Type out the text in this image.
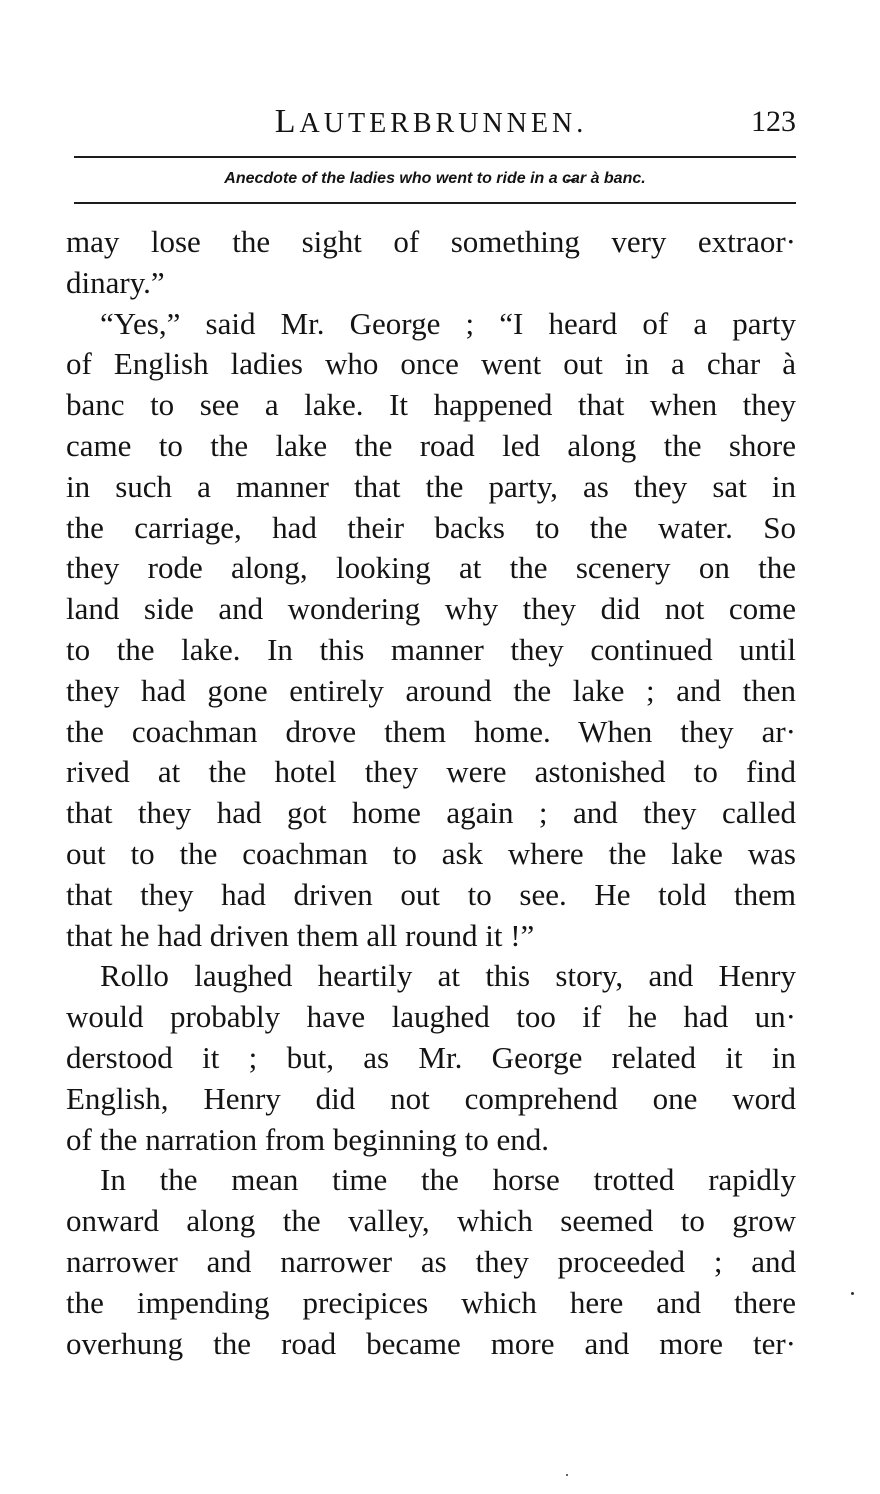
LAUTERBRUNNEN.	123
Anecdote of the ladies who went to ride in a c̶ar à banc.
may lose the sight of something very extraor·
dinary.”
“Yes,” said Mr. George ; “I heard of a party
of English ladies who once went out in a char à
banc to see a lake. It happened that when they
came to the lake the road led along the shore
in such a manner that the party, as they sat in
the carriage, had their backs to the water. So
they rode along, looking at the scenery on the
land side and wondering why they did not come
to the lake. In this manner they continued until
they had gone entirely around the lake ; and then
the coachman drove them home. When they ar·
rived at the hotel they were astonished to find
that they had got home again ; and they called
out to the coachman to ask where the lake was
that they had driven out to see. He told them
that he had driven them all round it !”
Rollo laughed heartily at this story, and Henry
would probably have laughed too if he had un·
derstood it ; but, as Mr. George related it in
English, Henry did not comprehend one word
of the narration from beginning to end.
In the mean time the horse trotted rapidly
onward along the valley, which seemed to grow
narrower and narrower as they proceeded ; and
the impending precipices which here and there
overhung the road became more and more ter·
